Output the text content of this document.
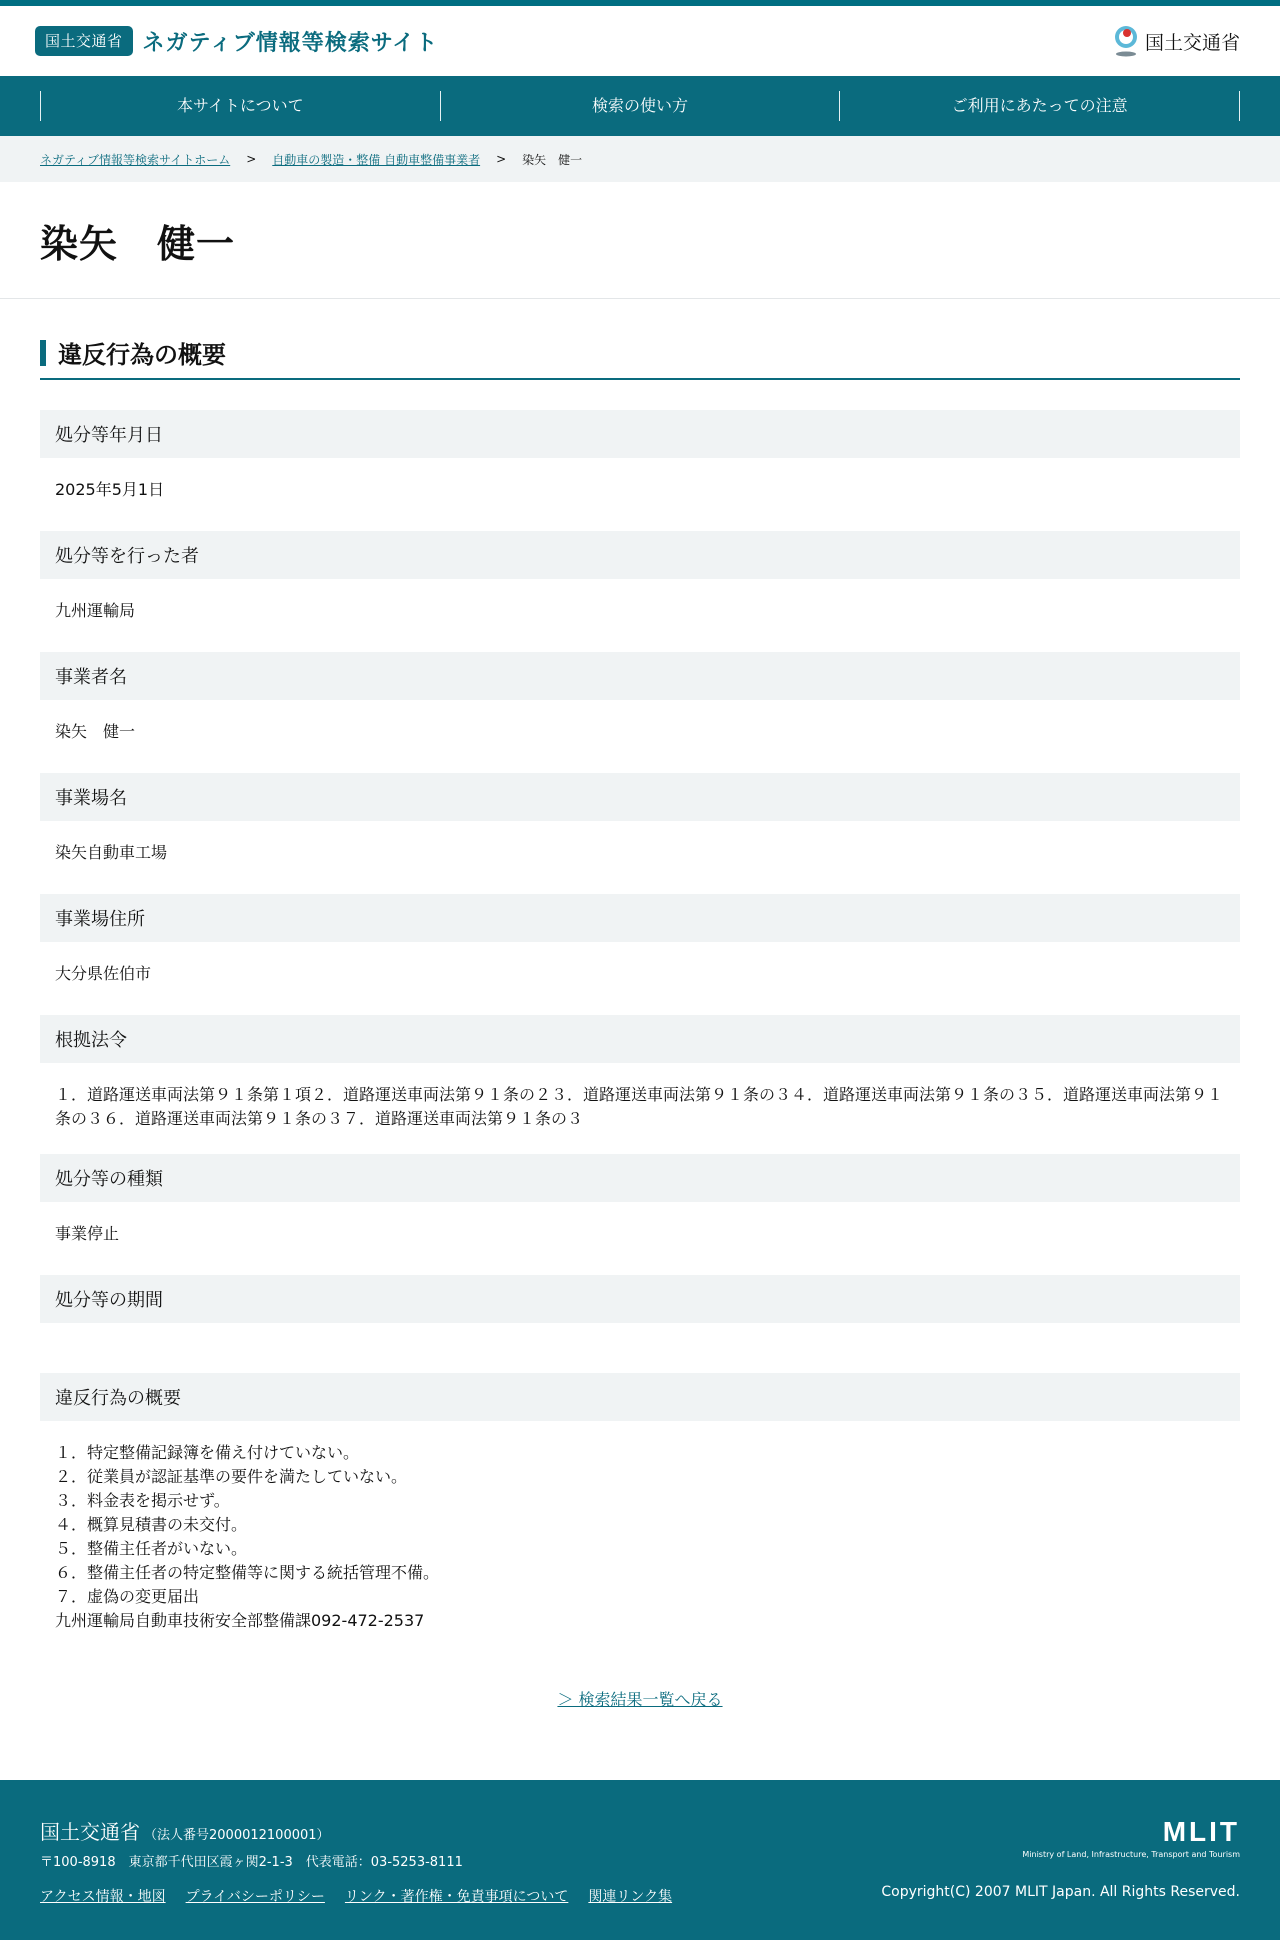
国土交通省 ネガティブ情報等検索サイト	国土交通省
本サイトについて	検索の使い方	ご利用にあたっての注意
ネガティブ情報等検索サイトホーム > 自動車の製造・整備 自動車整備事業者 > 染矢　健一
染矢　健一
違反行為の概要
処分等年月日
2025年5月1日
処分等を行った者
九州運輸局
事業者名
染矢　健一
事業場名
染矢自動車工場
事業場住所
大分県佐伯市
根拠法令
１．道路運送車両法第９１条第１項２．道路運送車両法第９１条の２３．道路運送車両法第９１条の３４．道路運送車両法第９１条の３５．道路運送車両法第９１条の３６．道路運送車両法第９１条の３７．道路運送車両法第９１条の３
処分等の種類
事業停止
処分等の期間
違反行為の概要
１．特定整備記録簿を備え付けていない。
２．従業員が認証基準の要件を満たしていない。
３．料金表を掲示せず。
４．概算見積書の未交付。
５．整備主任者がいない。
６．整備主任者の特定整備等に関する統括管理不備。
７．虚偽の変更届出
九州運輸局自動車技術安全部整備課092-472-2537
＞ 検索結果一覧へ戻る
国土交通省 （法人番号2000012100001）
〒100-8918　東京都千代田区霞ヶ関2-1-3　代表電話：03-5253-8111
アクセス情報・地図 プライバシーポリシー リンク・著作権・免責事項について 関連リンク集
MLIT
Ministry of Land, Infrastructure, Transport and Tourism
Copyright(C) 2007 MLIT Japan. All Rights Reserved.
